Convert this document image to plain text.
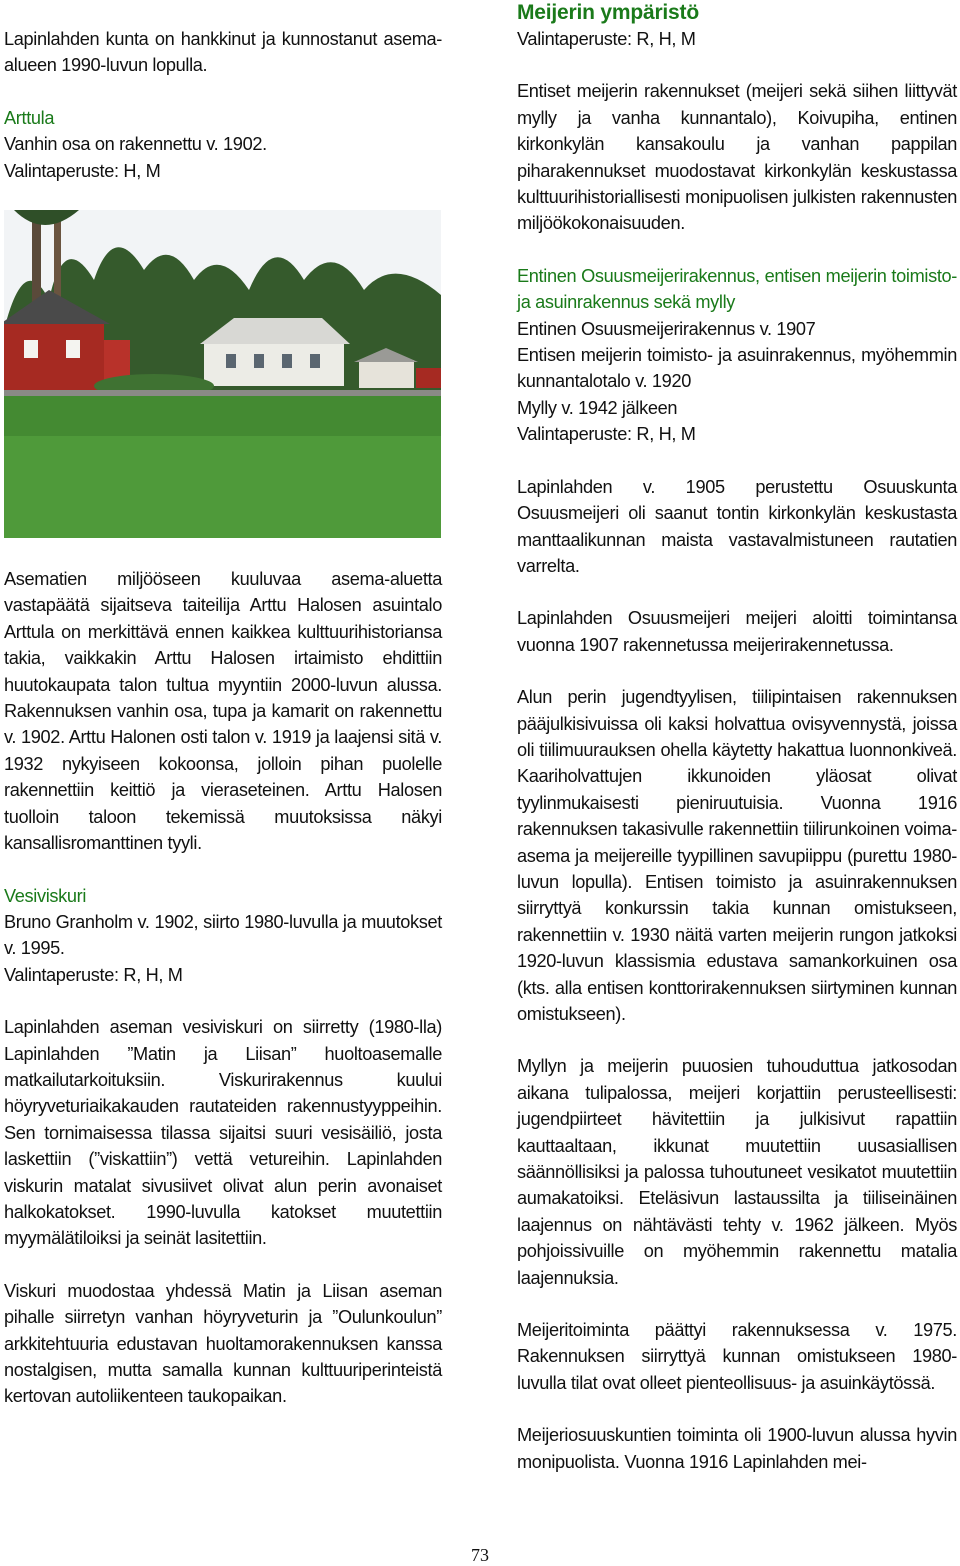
Lapinlahden kunta on hankkinut ja kunnostanut asema-alueen 1990-luvun lopulla.

Arttula

Vanhin osa on rakennettu v. 1902.

Valintaperuste: H, M

Asematien miljööseen kuuluvaa asema-aluetta vastapäätä sijaitseva taiteilija Arttu Halosen asuintalo Arttula on merkittävä ennen kaikkea kulttuurihistoriansa takia, vaikkakin Arttu Halosen irtaimisto ehdittiin huutokaupata talon tultua myyntiin 2000-luvun alussa. Rakennuksen vanhin osa, tupa ja kamarit on rakennettu v. 1902. Arttu Halonen osti talon v. 1919 ja laajensi sitä v. 1932 nykyiseen kokoonsa, jolloin pihan puolelle rakennettiin keittiö ja vieraseteinen. Arttu Halosen tuolloin taloon tekemissä muutoksissa näkyi kansallisromanttinen tyyli.

Vesiviskuri

Bruno Granholm v. 1902, siirto 1980-luvulla ja muutokset v. 1995.

Valintaperuste: R, H, M

Lapinlahden aseman vesiviskuri on siirretty (1980-lla) Lapinlahden ”Matin ja Liisan” huoltoasemalle matkailutarkoituksiin. Viskurirakennus kuului höyryveturiaikakauden rautateiden rakennustyyppeihin. Sen tornimaisessa tilassa sijaitsi suuri vesisäiliö, josta laskettiin (”viskattiin”) vettä vetureihin. Lapinlahden viskurin matalat sivusiivet olivat alun perin avonaiset halkokatokset. 1990-luvulla katokset muutettiin myymälätiloiksi ja seinät lasitettiin.

Viskuri muodostaa yhdessä Matin ja Liisan aseman pihalle siirretyn vanhan höyryveturin ja ”Oulunkoulun” arkkitehtuuria edustavan huoltamorakennuksen kanssa nostalgisen, mutta samalla kunnan kulttuuriperinteistä kertovan autoliikenteen taukopaikan.

Meijerin ympäristö

Valintaperuste: R, H, M

Entiset meijerin rakennukset (meijeri sekä siihen liittyvät mylly ja vanha kunnantalo), Koivupiha, entinen kirkonkylän kansakoulu ja vanhan pappilan piharakennukset muodostavat kirkonkylän keskustassa kulttuurihistoriallisesti monipuolisen julkisten rakennusten miljöökokonaisuuden.

Entinen Osuusmeijerirakennus, entisen meijerin toimisto- ja asuinrakennus sekä mylly

Entinen Osuusmeijerirakennus v. 1907

Entisen meijerin toimisto- ja asuinrakennus, myöhemmin kunnantalotalo v. 1920

Mylly v. 1942 jälkeen

Valintaperuste: R, H, M

Lapinlahden v. 1905 perustettu Osuuskunta Osuusmeijeri oli saanut tontin kirkonkylän keskustasta manttaalikunnan maista vastavalmistuneen rautatien varrelta.

Lapinlahden Osuusmeijeri meijeri aloitti toimintansa vuonna 1907 rakennetussa meijerirakennetussa.

Alun perin jugendtyylisen, tiilipintaisen rakennuksen pääjulkisivuissa oli kaksi holvattua ovisyvennystä, joissa oli tiilimuurauksen ohella käytetty hakattua luonnonkiveä. Kaariholvattujen ikkunoiden yläosat olivat tyylinmukaisesti pieniruutuisia. Vuonna 1916 rakennuksen takasivulle rakennettiin tiilirunkoinen voima-asema ja meijereille tyypillinen savupiippu (purettu 1980-luvun lopulla). Entisen toimisto ja asuinrakennuksen siirryttyä konkurssin takia kunnan omistukseen, rakennettiin v. 1930 näitä varten meijerin rungon jatkoksi 1920-luvun klassismia edustava samankorkuinen osa (kts. alla entisen konttorirakennuksen siirtyminen kunnan omistukseen).

Myllyn ja meijerin puuosien tuhouduttua jatkosodan aikana tulipalossa, meijeri korjattiin perusteellisesti: jugendpiirteet hävitettiin ja julkisivut rapattiin kauttaaltaan, ikkunat muutettiin uusasiallisen säännöllisiksi ja palossa tuhoutuneet vesikatot muutettiin aumakatoiksi. Eteläsivun lastaussilta ja tiiliseinäinen laajennus on nähtävästi tehty v. 1962 jälkeen. Myös pohjoissivuille on myöhemmin rakennettu matalia laajennuksia.

Meijeritoiminta päättyi rakennuksessa v. 1975. Rakennuksen siirryttyä kunnan omistukseen 1980-luvulla tilat ovat olleet pienteollisuus- ja asuinkäytössä.

Meijeriosuuskuntien toiminta oli 1900-luvun alussa hyvin monipuolista. Vuonna 1916 Lapinlahden mei-

73
